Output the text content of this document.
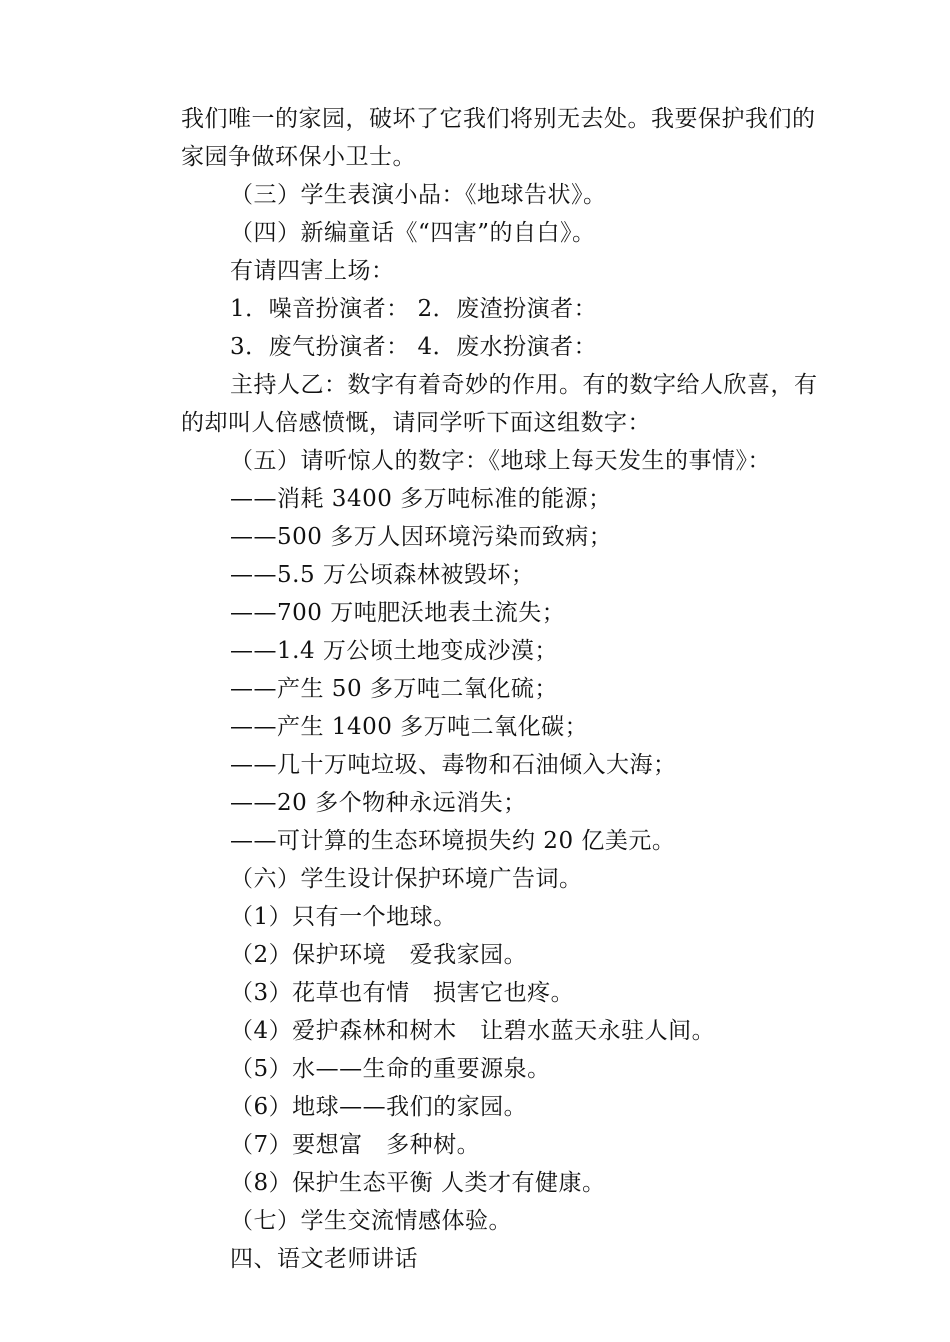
我们唯一的家园，破坏了它我们将别无去处。我要保护我们的
家园争做环保小卫士。
（三）学生表演小品：《地球告状》。
（四）新编童话《“四害”的自白》。
有请四害上场：
1．噪音扮演者： 2．废渣扮演者：
3．废气扮演者： 4．废水扮演者：
主持人乙：数字有着奇妙的作用。有的数字给人欣喜，有
的却叫人倍感愤慨，请同学听下面这组数字：
（五）请听惊人的数字：《地球上每天发生的事情》：
——消耗 3400 多万吨标准的能源；
——500 多万人因环境污染而致病；
——5.5 万公顷森林被毁坏；
——700 万吨肥沃地表土流失；
——1.4 万公顷土地变成沙漠；
——产生 50 多万吨二氧化硫；
——产生 1400 多万吨二氧化碳；
——几十万吨垃圾、毒物和石油倾入大海；
——20 多个物种永远消失；
——可计算的生态环境损失约 20 亿美元。
（六）学生设计保护环境广告词。
（1）只有一个地球。
（2）保护环境　爱我家园。
（3）花草也有情　损害它也疼。
（4）爱护森林和树木　让碧水蓝天永驻人间。
（5）水——生命的重要源泉。
（6）地球——我们的家园。
（7）要想富　多种树。
（8）保护生态平衡 人类才有健康。
（七）学生交流情感体验。
四、语文老师讲话
